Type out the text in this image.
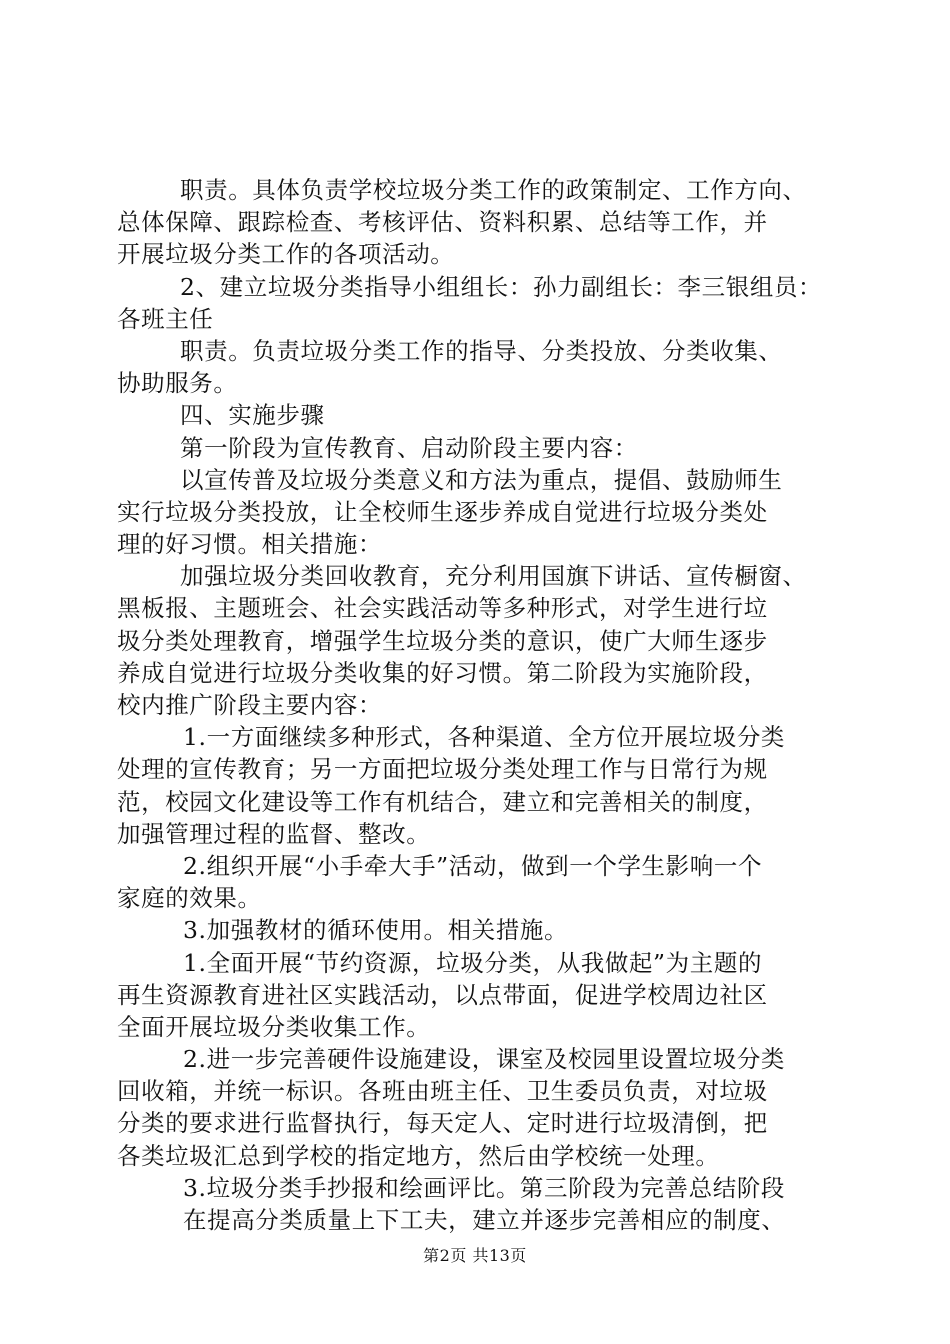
职责。具体负责学校垃圾分类工作的政策制定、工作方向、
总体保障、跟踪检查、考核评估、资料积累、总结等工作，并
开展垃圾分类工作的各项活动。
2、建立垃圾分类指导小组组长：孙力副组长：李三银组员：
各班主任
职责。负责垃圾分类工作的指导、分类投放、分类收集、
协助服务。
四、实施步骤
第一阶段为宣传教育、启动阶段主要内容：
以宣传普及垃圾分类意义和方法为重点，提倡、鼓励师生
实行垃圾分类投放，让全校师生逐步养成自觉进行垃圾分类处
理的好习惯。相关措施：
加强垃圾分类回收教育，充分利用国旗下讲话、宣传橱窗、
黑板报、主题班会、社会实践活动等多种形式，对学生进行垃
圾分类处理教育，增强学生垃圾分类的意识，使广大师生逐步
养成自觉进行垃圾分类收集的好习惯。第二阶段为实施阶段，
校内推广阶段主要内容：
1.一方面继续多种形式，各种渠道、全方位开展垃圾分类
处理的宣传教育；另一方面把垃圾分类处理工作与日常行为规
范，校园文化建设等工作有机结合，建立和完善相关的制度，
加强管理过程的监督、整改。
2.组织开展“小手牵大手”活动，做到一个学生影响一个
家庭的效果。
3.加强教材的循环使用。相关措施。
1.全面开展“节约资源，垃圾分类，从我做起”为主题的
再生资源教育进社区实践活动，以点带面，促进学校周边社区
全面开展垃圾分类收集工作。
2.进一步完善硬件设施建设，课室及校园里设置垃圾分类
回收箱，并统一标识。各班由班主任、卫生委员负责，对垃圾
分类的要求进行监督执行，每天定人、定时进行垃圾清倒，把
各类垃圾汇总到学校的指定地方，然后由学校统一处理。
3.垃圾分类手抄报和绘画评比。第三阶段为完善总结阶段
在提高分类质量上下工夫，建立并逐步完善相应的制度、
第2页 共13页
